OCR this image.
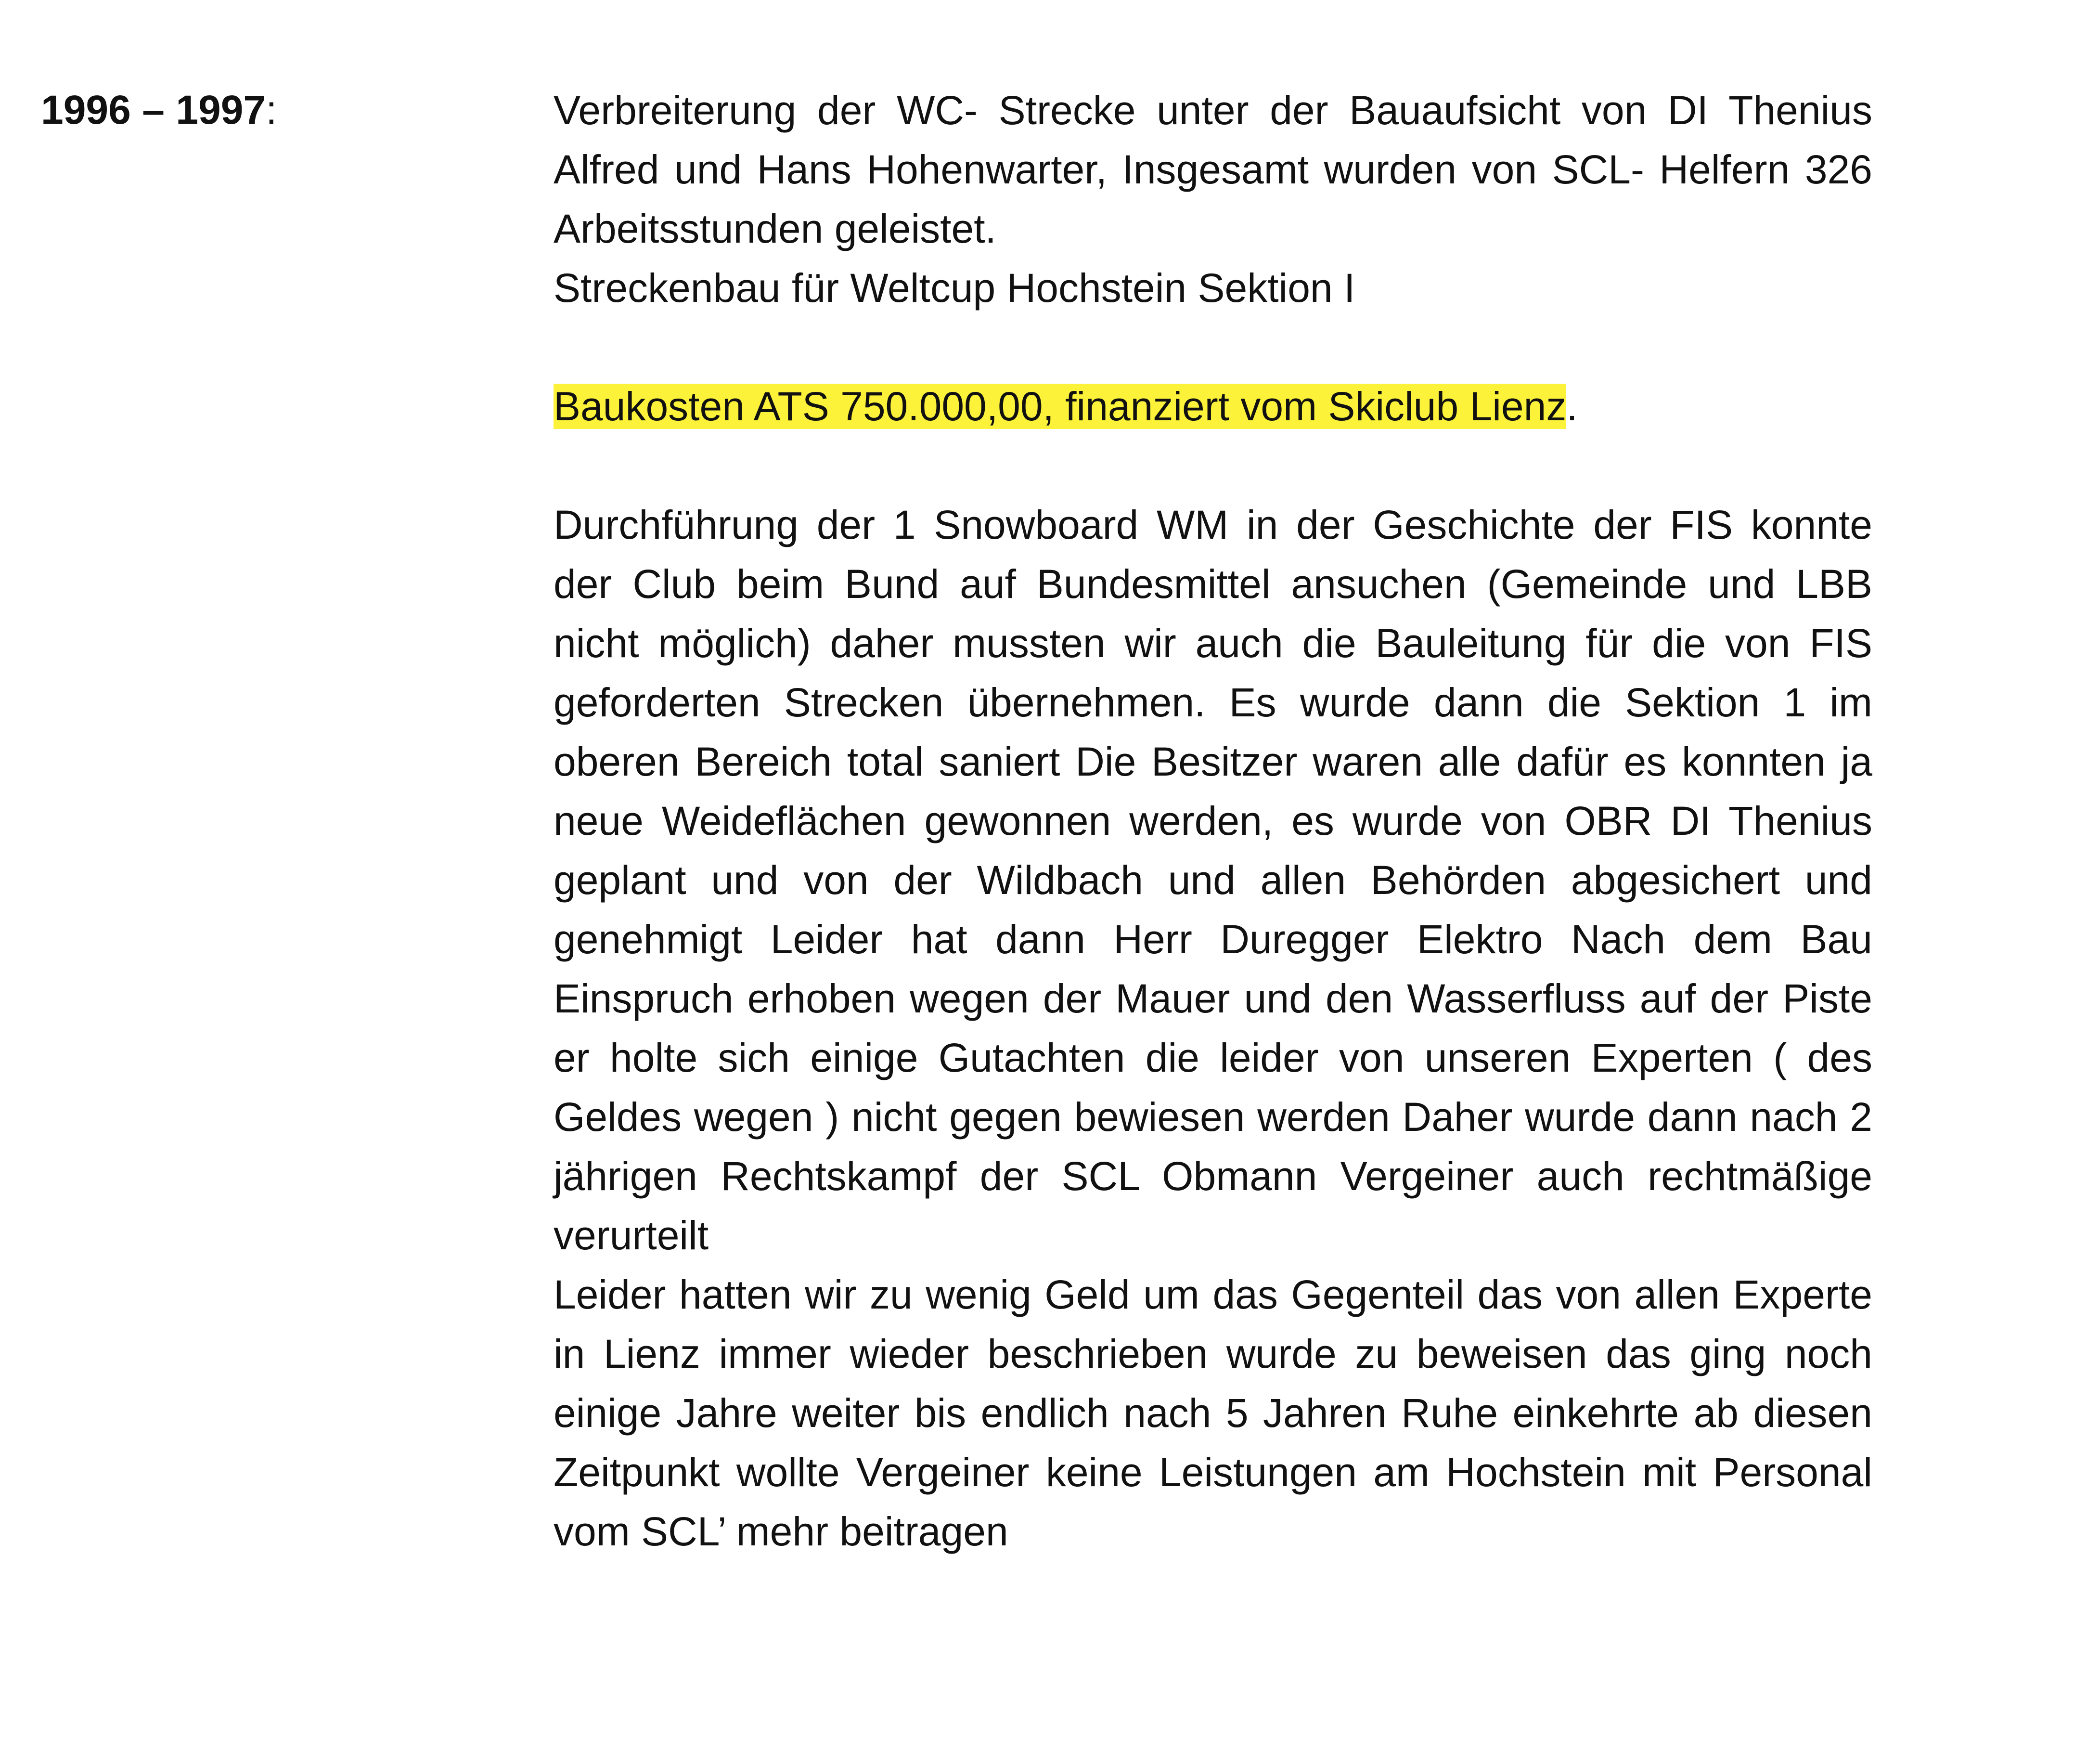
1996 – 1997:	Verbreiterung der WC- Strecke unter der Bauaufsicht von DI Thenius Alfred und Hans Hohenwarter, Insgesamt wurden von SCL- Helfern 326 Arbeitsstunden geleistet.

Streckenbau für Weltcup Hochstein Sektion I

Baukosten ATS 750.000,00, finanziert vom Skiclub Lienz.

Durchführung der 1 Snowboard WM in der Geschichte der FIS konnte der Club beim Bund auf Bundesmittel ansuchen (Gemeinde und LBB nicht möglich) daher mussten wir auch die Bauleitung für die von FIS geforderten Strecken übernehmen. Es wurde dann die Sektion 1 im oberen Bereich total saniert Die Besitzer waren alle dafür es konnten ja neue Weideflächen gewonnen werden, es wurde von OBR DI Thenius geplant und von der Wildbach und allen Behörden abgesichert und genehmigt Leider hat dann Herr Duregger Elektro Nach dem Bau Einspruch erhoben wegen der Mauer und den Wasserfluss auf der Piste er holte sich einige Gutachten die leider von unseren Experten ( des Geldes wegen ) nicht gegen bewiesen werden Daher wurde dann nach 2 jährigen Rechtskampf der SCL Obmann Vergeiner auch rechtmäßige verurteilt

Leider hatten wir zu wenig Geld um das Gegenteil das von allen Experte in Lienz immer wieder beschrieben wurde zu beweisen das ging noch einige Jahre weiter bis endlich nach 5 Jahren Ruhe einkehrte ab diesen Zeitpunkt wollte Vergeiner keine Leistungen am Hochstein mit Personal vom SCL’ mehr beitragen
